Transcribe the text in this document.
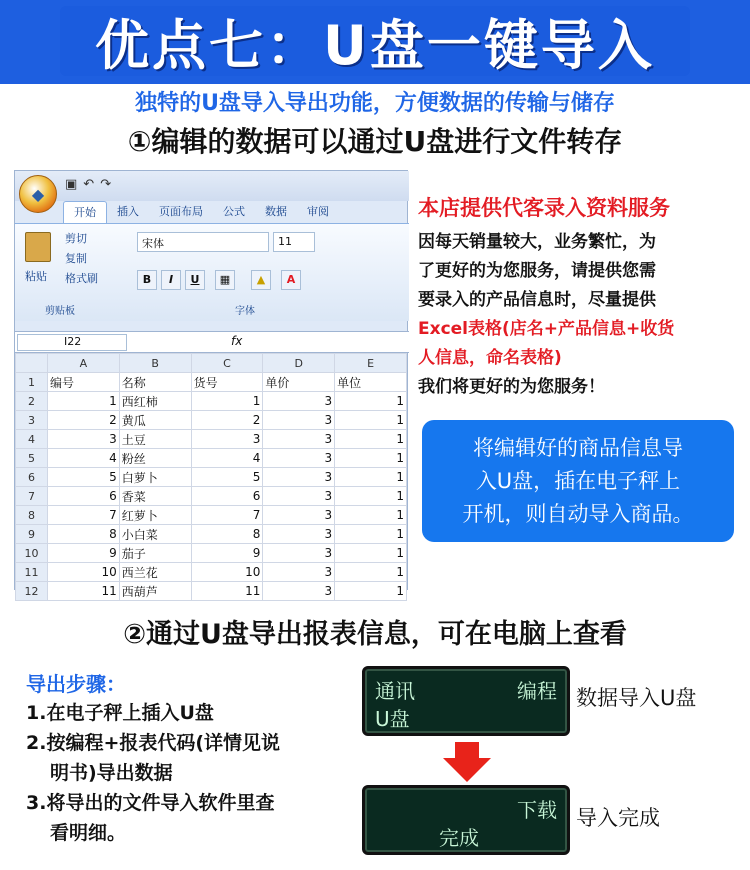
优点七：U盘一键导入
独特的U盘导入导出功能，方便数据的传输与储存
①编辑的数据可以通过U盘进行文件转存
▣ ↶ ↷
◆
开始	插入	页面布局	公式	数据	审阅
粘贴
剪切
复制
格式刷
剪贴板
宋体	11
B	I	U	▦	▲	A
字体
I22	fx
	A	B	C	D	E
1	编号	名称	货号	单价	单位
2	1	西红柿	1	3	1
3	2	黄瓜	2	3	1
4	3	土豆	3	3	1
5	4	粉丝	4	3	1
6	5	白萝卜	5	3	1
7	6	香菜	6	3	1
8	7	红萝卜	7	3	1
9	8	小白菜	8	3	1
10	9	茄子	9	3	1
11	10	西兰花	10	3	1
12	11	西葫芦	11	3	1
本店提供代客录入资料服务
因每天销量较大，业务繁忙，为
了更好的为您服务，请提供您需
要录入的产品信息时，尽量提供
Excel表格(店名+产品信息+收货
人信息，命名表格)
我们将更好的为您服务！
将编辑好的商品信息导
入U盘，插在电子秤上
开机，则自动导入商品。
②通过U盘导出报表信息，可在电脑上查看
导出步骤：
1.在电子秤上插入U盘
2.按编程+报表代码(详情见说
明书)导出数据
3.将导出的文件导入软件里查
看明细。
通讯	编程
U盘
数据导入U盘
下载
完成
导入完成
